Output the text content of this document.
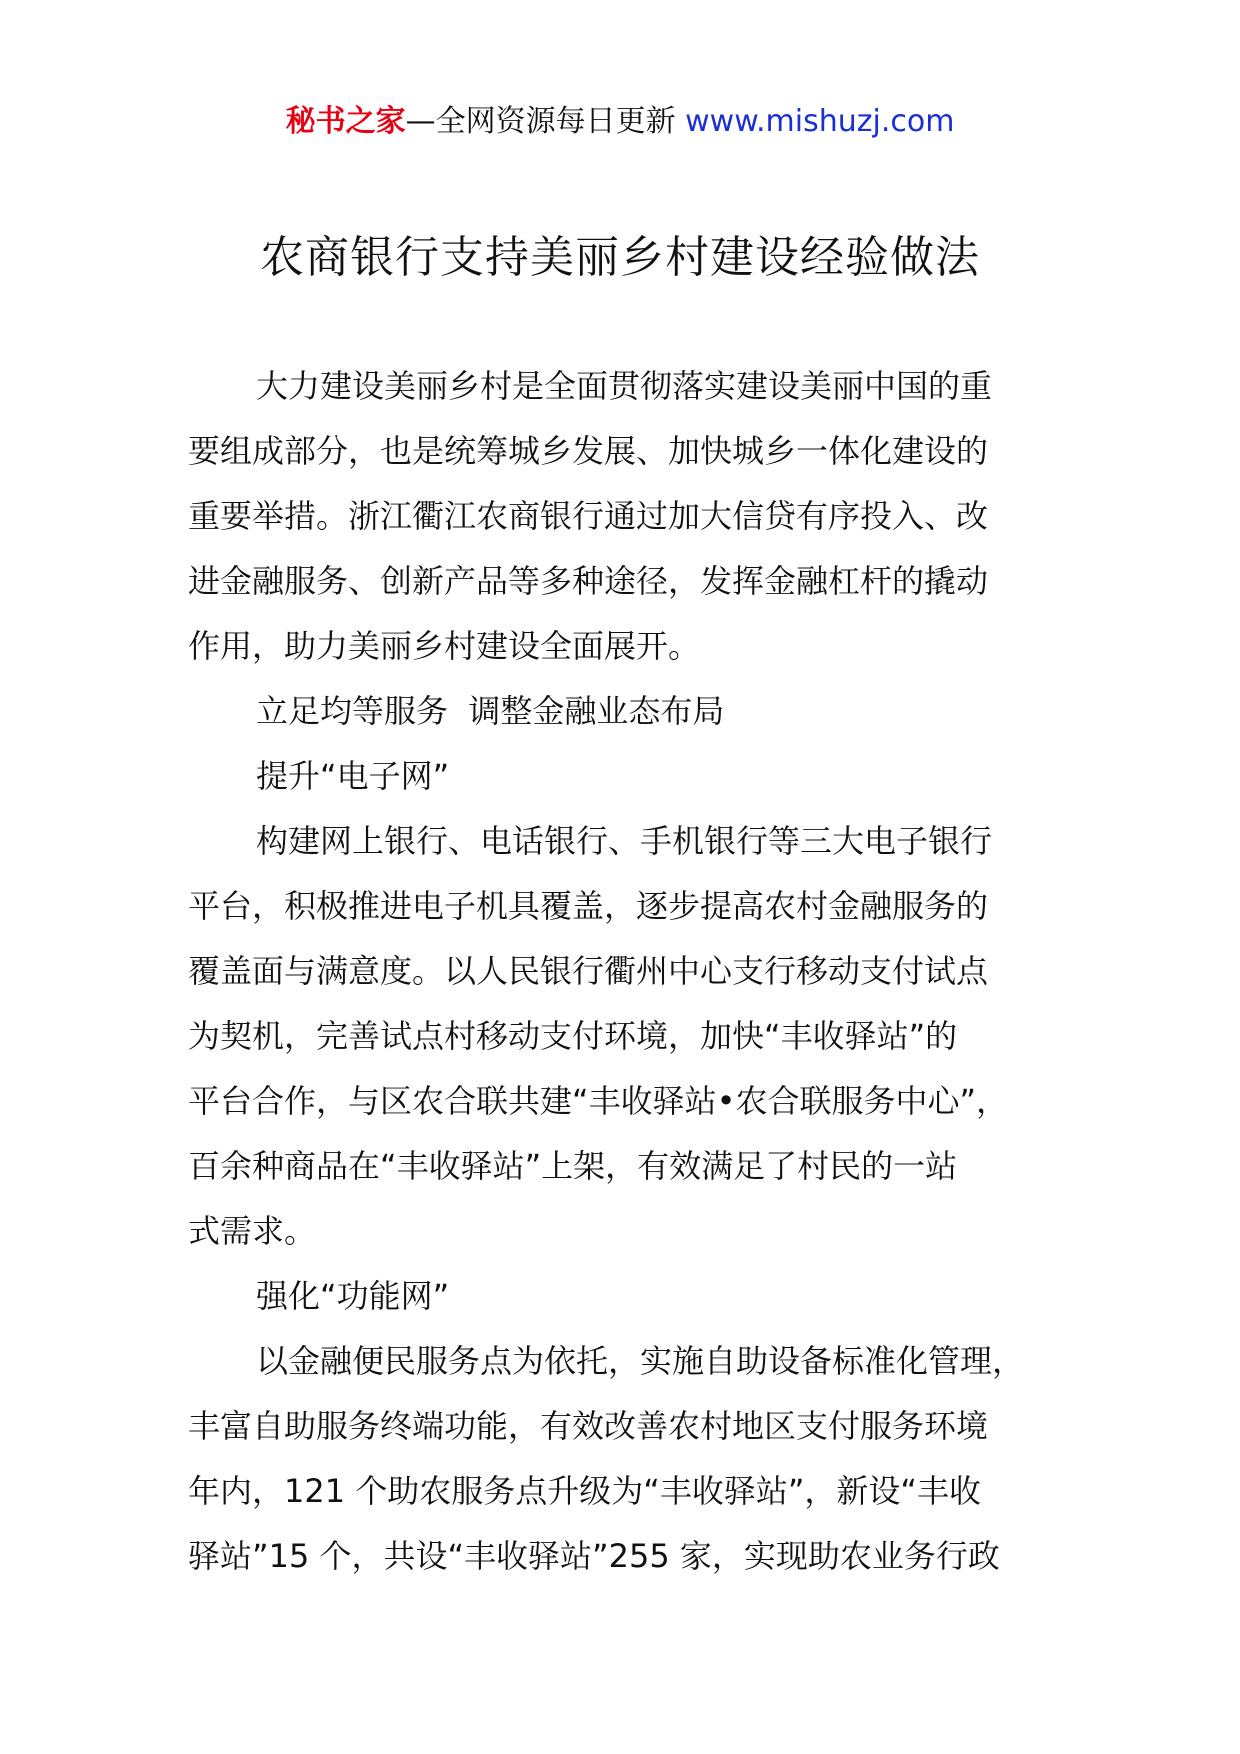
秘书之家—全网资源每日更新 www.mishuzj.com
农商银行支持美丽乡村建设经验做法
大力建设美丽乡村是全面贯彻落实建设美丽中国的重
要组成部分，也是统筹城乡发展、加快城乡一体化建设的
重要举措。浙江衢江农商银行通过加大信贷有序投入、改
进金融服务、创新产品等多种途径，发挥金融杠杆的撬动
作用，助力美丽乡村建设全面展开。
立足均等服务  调整金融业态布局
提升“电子网”
构建网上银行、电话银行、手机银行等三大电子银行
平台，积极推进电子机具覆盖，逐步提高农村金融服务的
覆盖面与满意度。以人民银行衢州中心支行移动支付试点
为契机，完善试点村移动支付环境，加快“丰收驿站”的
平台合作，与区农合联共建“丰收驿站•农合联服务中心”，
百余种商品在“丰收驿站”上架，有效满足了村民的一站
式需求。
强化“功能网”
以金融便民服务点为依托，实施自助设备标准化管理，
丰富自助服务终端功能，有效改善农村地区支付服务环境
年内，121 个助农服务点升级为“丰收驿站”，新设“丰收
驿站”15 个，共设“丰收驿站”255 家，实现助农业务行政
